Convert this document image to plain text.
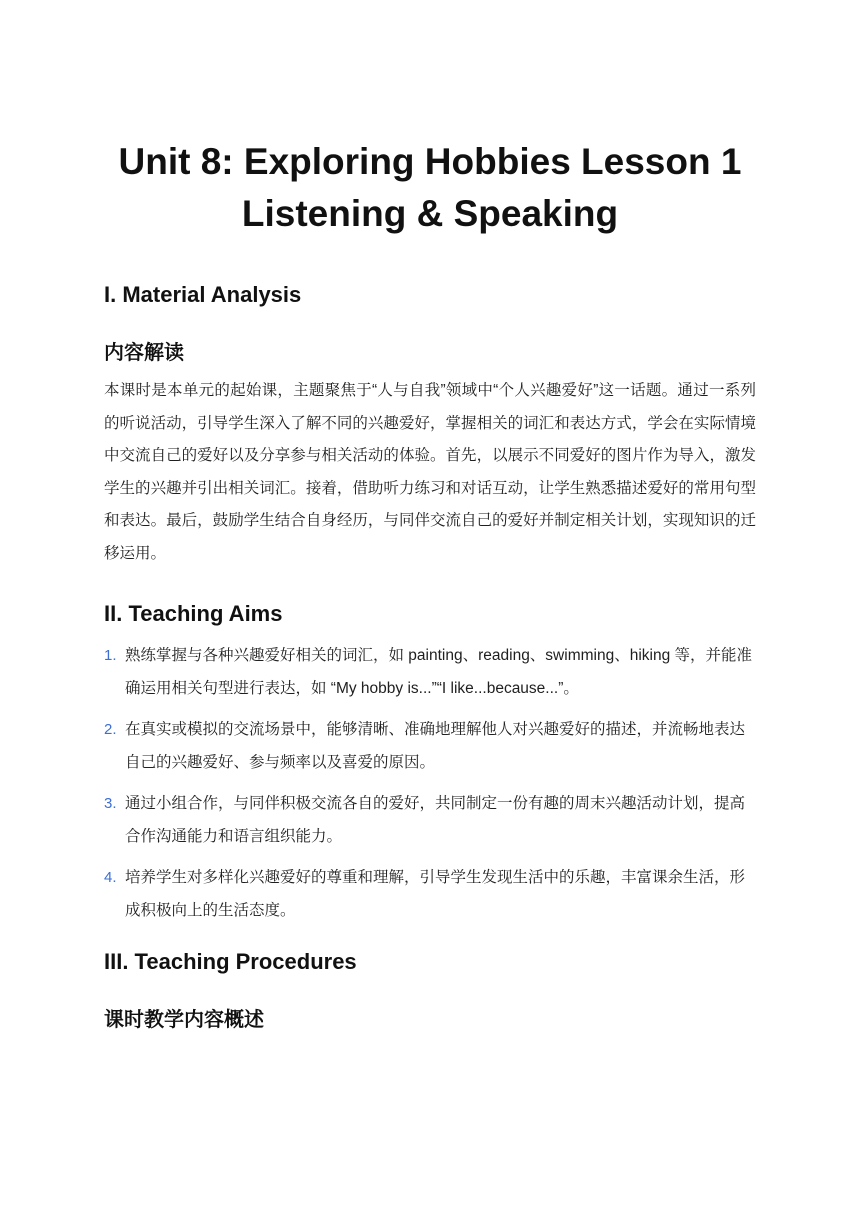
Unit 8: Exploring Hobbies Lesson 1 Listening & Speaking
I. Material Analysis
内容解读

本课时是本单元的起始课，主题聚焦于“人与自我”领域中“个人兴趣爱好”这一话题。通过一系列的听说活动，引导学生深入了解不同的兴趣爱好，掌握相关的词汇和表达方式，学会在实际情境中交流自己的爱好以及分享参与相关活动的体验。首先，以展示不同爱好的图片作为导入，激发学生的兴趣并引出相关词汇。接着，借助听力练习和对话互动，让学生熟悉描述爱好的常用句型和表达。最后，鼓励学生结合自身经历，与同伴交流自己的爱好并制定相关计划，实现知识的迁移运用。

II. Teaching Aims
1. 熟练掌握与各种兴趣爱好相关的词汇，如 painting、reading、swimming、hiking 等，并能准确运用相关句型进行表达，如 “My hobby is...”“I like...because...”。
2. 在真实或模拟的交流场景中，能够清晰、准确地理解他人对兴趣爱好的描述，并流畅地表达自己的兴趣爱好、参与频率以及喜爱的原因。
3. 通过小组合作，与同伴积极交流各自的爱好，共同制定一份有趣的周末兴趣活动计划，提高合作沟通能力和语言组织能力。
4. 培养学生对多样化兴趣爱好的尊重和理解，引导学生发现生活中的乐趣，丰富课余生活，形成积极向上的生活态度。
III. Teaching Procedures
课时教学内容概述
